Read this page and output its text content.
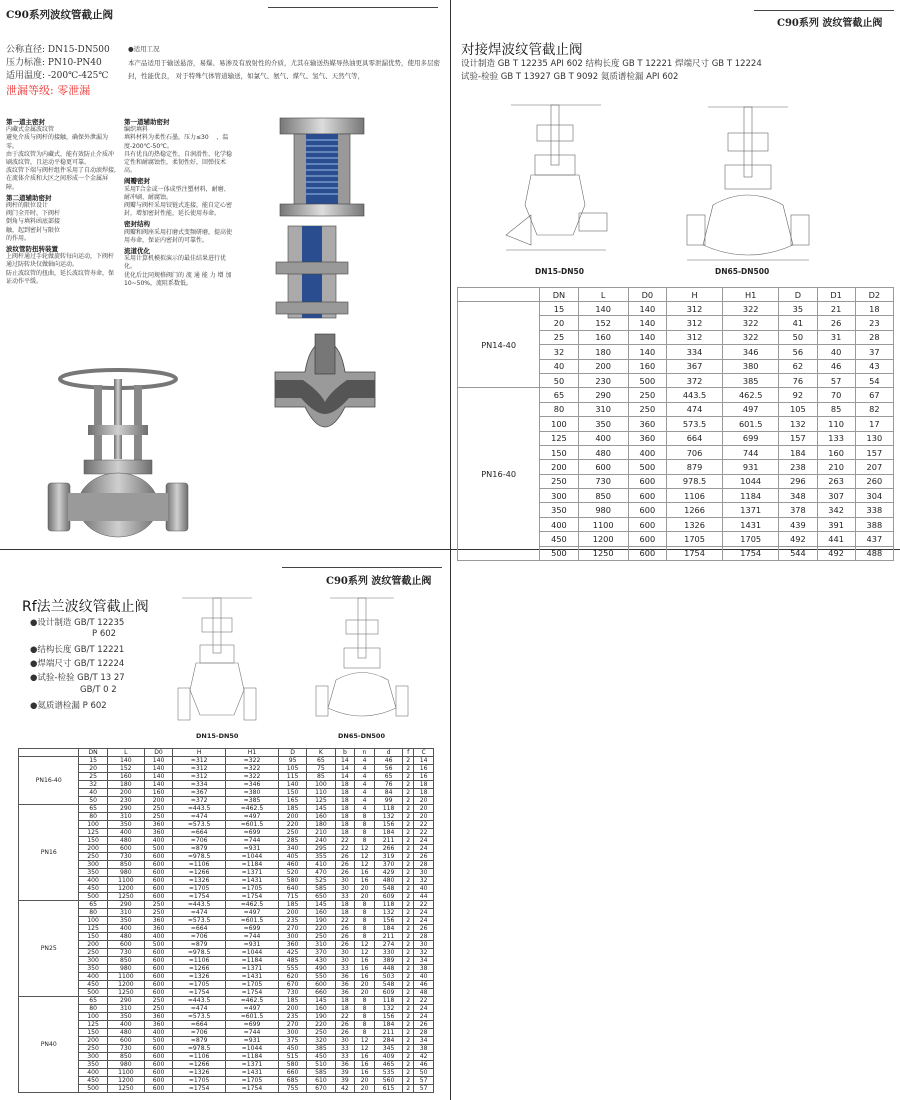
C90系列波纹管截止阀
公称直径: DN15-DN500
压力标准: PN10-PN40
适用温度: -200℃-425℃
泄漏等级: 零泄漏
●适用工况
本产品适用于输送悬溶，易爆、易渗及有放射性的介质，尤其在输送热媒导热油更具零泄漏优势，使用多层密封，性能优良， 对于特殊气体管道输送，如氯气、氨气、煤气、氢气、天然气等，
第一道主密封
内藏式金属波纹管
避免介质与阀杆的接触，确保外泄漏为零。
由于波纹管为内藏式，能有效防止介质冲刷波纹管，且运动平稳更可靠。
波纹管下端与阀杆组件采用了自动滚焊接,在流体介质和大区之间形成一个金属屏障。
第二道辅助密封
阀杆的限位设计
阀门全开时，下阀杆
倒角与填料函底部接
触，起到密封与限位
的作用。
波纹管防扭转装置
上阀杆通过手轮做旋转每向运动，下阀杆通过防转块仅做轴向运动。
防止波纹管的扭曲，延长波纹管寿命，保证动作平缓。
第一道辅助密封
编织填料
填料材料为柔性石墨，压力≤30    ，温度-200℃-50℃。
具有优良的热稳定性，自润滑性、化学稳定性和耐腐蚀性，柔韧性好，回弹技术高。
阀瓣密封
采用T合金或一体成型注塑材料，耐磨、耐冲刷、耐腐蚀。
阀瓣与阀杆采用铰链式连接，能自定心密封，增加密封性能，延长使用寿命。
密封结构
阀瓣和阀座采用打磨式变频研磨，提高使用寿命，保证内密封的可靠性。
流道优化
采用计算机模拟演示的最佳结果进行优化。
优化后比同规格阀门的 流 通 能 力 增 加 10~50%，流阻系数低。
C90系列 波纹管截止阀
对接焊波纹管截止阀
设计制造 GB T 12235 API 602 结构长度 GB T 12221 焊端尺寸 GB T 12224
试验-检验 GB T 13927 GB T 9092 氦质谱检漏 API 602
DN15-DN50	DN65-DN500
	DN	L	D0	H	H1	D	D1	D2
PN14-40	15	140	140	312	322	35	21	18
	20	152	140	312	322	41	26	23
	25	160	140	312	322	50	31	28
	32	180	140	334	346	56	40	37
	40	200	160	367	380	62	46	43
	50	230	500	372	385	76	57	54
PN16-40	65	290	250	443.5	462.5	92	70	67
	80	310	250	474	497	105	85	82
	100	350	360	573.5	601.5	132	110	17
	125	400	360	664	699	157	133	130
	150	480	400	706	744	184	160	157
	200	600	500	879	931	238	210	207
	250	730	600	978.5	1044	296	263	260
	300	850	600	1106	1184	348	307	304
	350	980	600	1266	1371	378	342	338
	400	1100	600	1326	1431	439	391	388
	450	1200	600	1705	1705	492	441	437
	500	1250	600	1754	1754	544	492	488
C90系列 波纹管截止阀
Rf法兰波纹管截止阀
●设计制造 GB/T 12235
P 602
●结构长度 GB/T 12221
●焊端尺寸 GB/T 12224
●试验-检验 GB/T 13 27
GB/T 0 2
●氦质谱检漏 P 602
DN15-DN50	DN65-DN500
	DN	L	D0	H	H1	D	K	b	n	d	f	C
PN16-40	15	140	140	≈312	≈322	95	65	14	4	46	2	14
	20	152	140	≈312	≈322	105	75	14	4	56	2	16
	25	160	140	≈312	≈322	115	85	14	4	65	2	16
	32	180	140	≈334	≈346	140	100	18	4	76	2	18
	40	200	160	≈367	≈380	150	110	18	4	84	2	18
	50	230	200	≈372	≈385	165	125	18	4	99	2	20
PN16	65	290	250	≈443.5	≈462.5	185	145	18	4	118	2	20
	80	310	250	≈474	≈497	200	160	18	8	132	2	20
	100	350	360	≈573.5	≈601.5	220	180	18	8	156	2	22
	125	400	360	≈664	≈699	250	210	18	8	184	2	22
	150	480	400	≈706	≈744	285	240	22	8	211	2	24
	200	600	500	≈879	≈931	340	295	22	12	266	2	24
	250	730	600	≈978.5	≈1044	405	355	26	12	319	2	26
	300	850	600	≈1106	≈1184	460	410	26	12	370	2	28
	350	980	600	≈1266	≈1371	520	470	26	16	429	2	30
	400	1100	600	≈1326	≈1431	580	525	30	16	480	2	32
	450	1200	600	≈1705	≈1705	640	585	30	20	548	2	40
	500	1250	600	≈1754	≈1754	715	650	33	20	609	2	44
PN25	65	290	250	≈443.5	≈462.5	185	145	18	8	118	2	22
	80	310	250	≈474	≈497	200	160	18	8	132	2	24
	100	350	360	≈573.5	≈601.5	235	190	22	8	156	2	24
	125	400	360	≈664	≈699	270	220	26	8	184	2	26
	150	480	400	≈706	≈744	300	250	26	8	211	2	28
	200	600	500	≈879	≈931	360	310	26	12	274	2	30
	250	730	600	≈978.5	≈1044	425	370	30	12	330	2	32
	300	850	600	≈1106	≈1184	485	430	30	16	389	2	34
	350	980	600	≈1266	≈1371	555	490	33	16	448	2	38
	400	1100	600	≈1326	≈1431	620	550	36	16	503	2	40
	450	1200	600	≈1705	≈1705	670	600	36	20	548	2	46
	500	1250	600	≈1754	≈1754	730	660	36	20	609	2	48
PN40	65	290	250	≈443.5	≈462.5	185	145	18	8	118	2	22
	80	310	250	≈474	≈497	200	160	18	8	132	2	24
	100	350	360	≈573.5	≈601.5	235	190	22	8	156	2	24
	125	400	360	≈664	≈699	270	220	26	8	184	2	26
	150	480	400	≈706	≈744	300	250	26	8	211	2	28
	200	600	500	≈879	≈931	375	320	30	12	284	2	34
	250	730	600	≈978.5	≈1044	450	385	33	12	345	2	38
	300	850	600	≈1106	≈1184	515	450	33	16	409	2	42
	350	980	600	≈1266	≈1371	580	510	36	16	465	2	46
	400	1100	600	≈1326	≈1431	660	585	39	16	535	2	50
	450	1200	600	≈1705	≈1705	685	610	39	20	560	2	57
	500	1250	600	≈1754	≈1754	755	670	42	20	615	2	57
